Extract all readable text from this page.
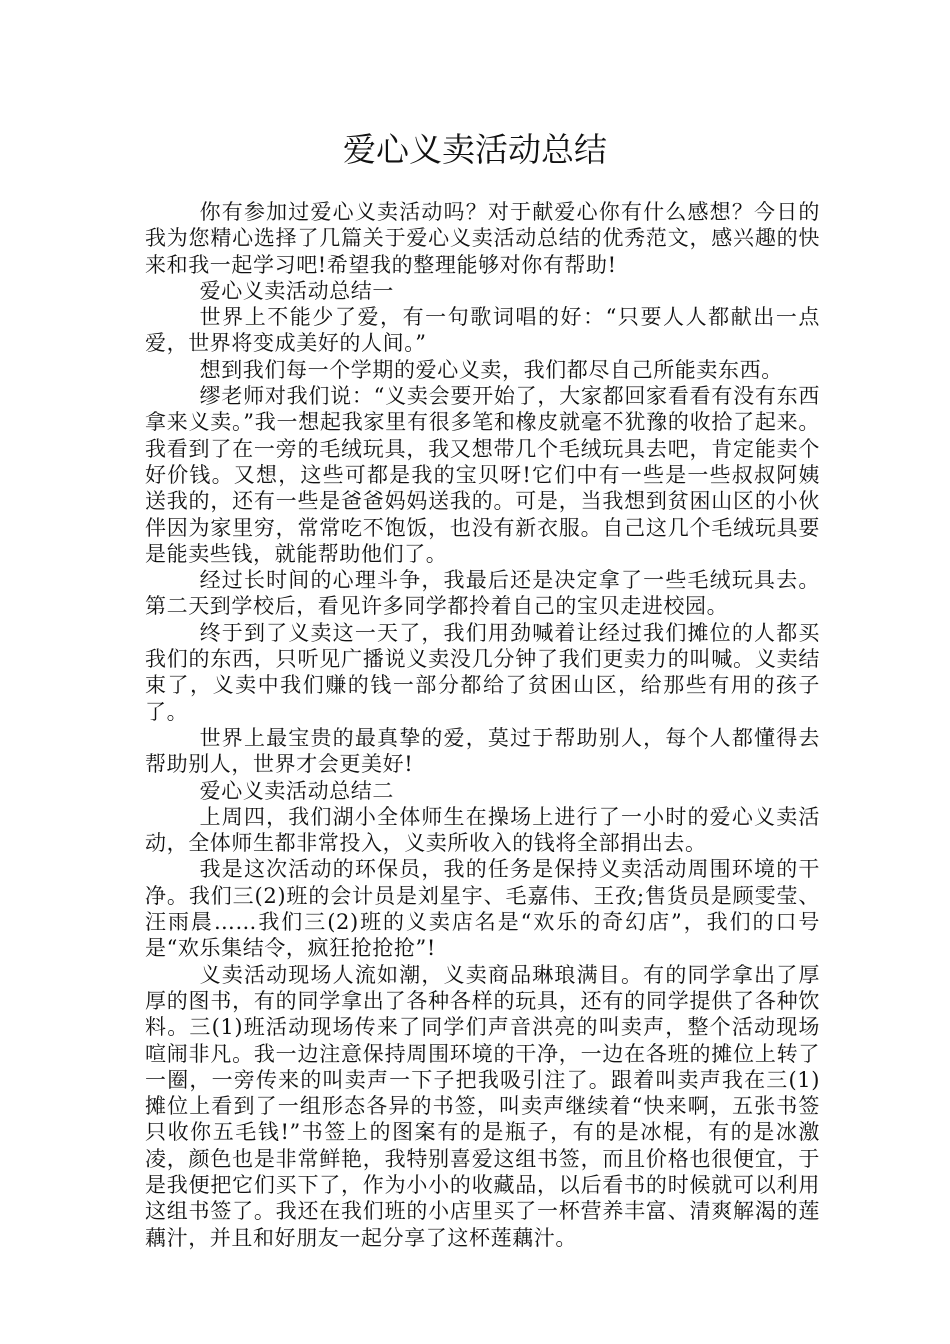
爱心义卖活动总结

你有参加过爱心义卖活动吗？对于献爱心你有什么感想？今日的我为您精心选择了几篇关于爱心义卖活动总结的优秀范文，感兴趣的快来和我一起学习吧!希望我的整理能够对你有帮助!

爱心义卖活动总结一

世界上不能少了爱，有一句歌词唱的好：“只要人人都献出一点爱，世界将变成美好的人间。”

想到我们每一个学期的爱心义卖，我们都尽自己所能卖东西。

缪老师对我们说：“义卖会要开始了，大家都回家看看有没有东西拿来义卖。”我一想起我家里有很多笔和橡皮就毫不犹豫的收拾了起来。我看到了在一旁的毛绒玩具，我又想带几个毛绒玩具去吧，肯定能卖个好价钱。又想，这些可都是我的宝贝呀!它们中有一些是一些叔叔阿姨送我的，还有一些是爸爸妈妈送我的。可是，当我想到贫困山区的小伙伴因为家里穷，常常吃不饱饭，也没有新衣服。自己这几个毛绒玩具要是能卖些钱，就能帮助他们了。

经过长时间的心理斗争，我最后还是决定拿了一些毛绒玩具去。第二天到学校后，看见许多同学都拎着自己的宝贝走进校园。

终于到了义卖这一天了，我们用劲喊着让经过我们摊位的人都买我们的东西，只听见广播说义卖没几分钟了我们更卖力的叫喊。义卖结束了，义卖中我们赚的钱一部分都给了贫困山区，给那些有用的孩子了。

世界上最宝贵的最真挚的爱，莫过于帮助别人，每个人都懂得去帮助别人，世界才会更美好!

爱心义卖活动总结二

上周四，我们湖小全体师生在操场上进行了一小时的爱心义卖活动，全体师生都非常投入，义卖所收入的钱将全部捐出去。

我是这次活动的环保员，我的任务是保持义卖活动周围环境的干净。我们三(2)班的会计员是刘星宇、毛嘉伟、王孜;售货员是顾雯莹、汪雨晨……我们三(2)班的义卖店名是“欢乐的奇幻店”，我们的口号是“欢乐集结令，疯狂抢抢抢”!

义卖活动现场人流如潮，义卖商品琳琅满目。有的同学拿出了厚厚的图书，有的同学拿出了各种各样的玩具，还有的同学提供了各种饮料。三(1)班活动现场传来了同学们声音洪亮的叫卖声，整个活动现场喧闹非凡。我一边注意保持周围环境的干净，一边在各班的摊位上转了一圈，一旁传来的叫卖声一下子把我吸引注了。跟着叫卖声我在三(1)摊位上看到了一组形态各异的书签，叫卖声继续着“快来啊，五张书签只收你五毛钱!”书签上的图案有的是瓶子，有的是冰棍，有的是冰激凌，颜色也是非常鲜艳，我特别喜爱这组书签，而且价格也很便宜，于是我便把它们买下了，作为小小的收藏品，以后看书的时候就可以利用这组书签了。我还在我们班的小店里买了一杯营养丰富、清爽解渴的莲藕汁，并且和好朋友一起分享了这杯莲藕汁。
